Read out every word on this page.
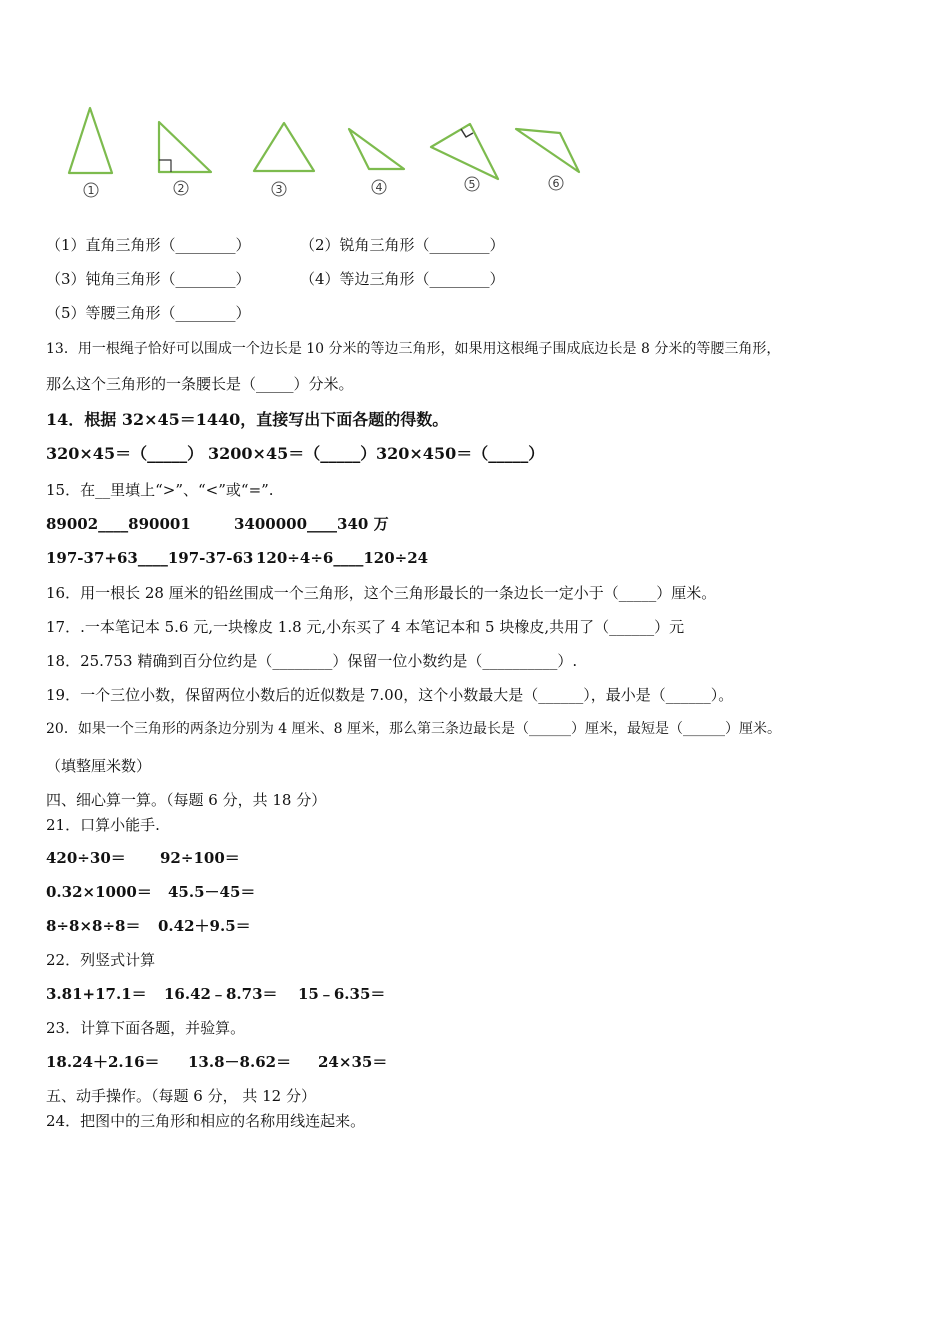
1	2	3	4	5	6
（1）直角三角形（________）	（2）锐角三角形（________）
（3）钝角三角形（________）	（4）等边三角形（________）
（5）等腰三角形（________）
13．用一根绳子恰好可以围成一个边长是 10 分米的等边三角形，如果用这根绳子围成底边长是 8 分米的等腰三角形，
那么这个三角形的一条腰长是（_____）分米。
14．根据 32×45＝1440，直接写出下面各题的得数。
320×45＝（_____） 3200×45＝（_____） 320×450＝（_____）
15．在__里填上“>”、“<”或“=”.
89002____890001	3400000____340 万
197-37+63____197-37-63 120÷4÷6____120÷24
16．用一根长 28 厘米的铅丝围成一个三角形，这个三角形最长的一条边长一定小于（_____）厘米。
17．.一本笔记本 5.6 元,一块橡皮 1.8 元,小东买了 4 本笔记本和 5 块橡皮,共用了（______）元
18．25.753 精确到百分位约是（________）保留一位小数约是（__________）.
19．一个三位小数，保留两位小数后的近似数是 7.00，这个小数最大是（______），最小是（______）。
20．如果一个三角形的两条边分别为 4 厘米、8 厘米，那么第三条边最长是（______）厘米，最短是（______）厘米。
（填整厘米数）
四、细心算一算。（每题 6 分，共 18 分）
21．口算小能手.
420÷30＝ 92÷100＝
0.32×1000＝ 45.5－45＝
8÷8×8÷8＝ 0.42＋9.5＝
22．列竖式计算
3.81+17.1＝ 16.42﹣8.73＝ 15﹣6.35＝
23．计算下面各题，并验算。
18.24＋2.16＝ 13.8－8.62＝ 24×35＝
五、动手操作。（每题 6 分， 共 12 分）
24．把图中的三角形和相应的名称用线连起来。
